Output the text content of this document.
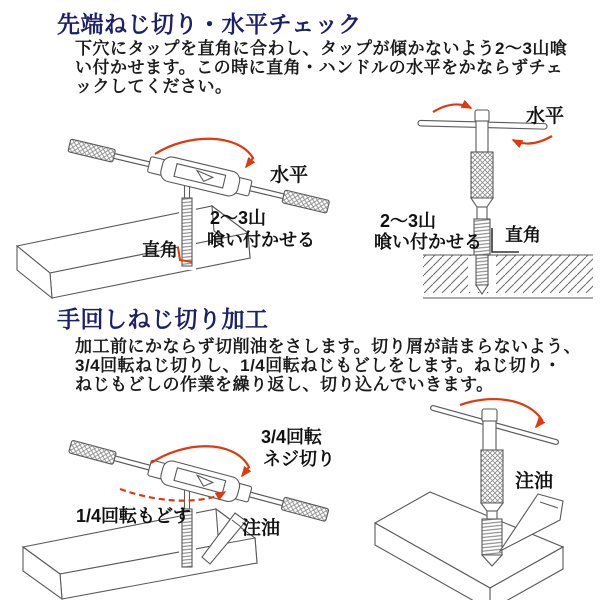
先端ねじ切り・水平チェック
下穴にタップを直角に合わし、タップが傾かないよう2〜3山喰
い付かせます。この時に直角・ハンドルの水平をかならずチェ
ックしてください。
水平
2〜3山
喰い付かせる
直角
水平
2〜3山
喰い付かせる 直角
手回しねじ切り加工
加工前にかならず切削油をさします。切り屑が詰まらないよう、
3/4回転ねじ切りし、1/4回転ねじもどしをします。ねじ切り・
ねじもどしの作業を繰り返し、切り込んでいきます。
3/4回転
ネジ切り
1/4回転もどす
注油
注油
